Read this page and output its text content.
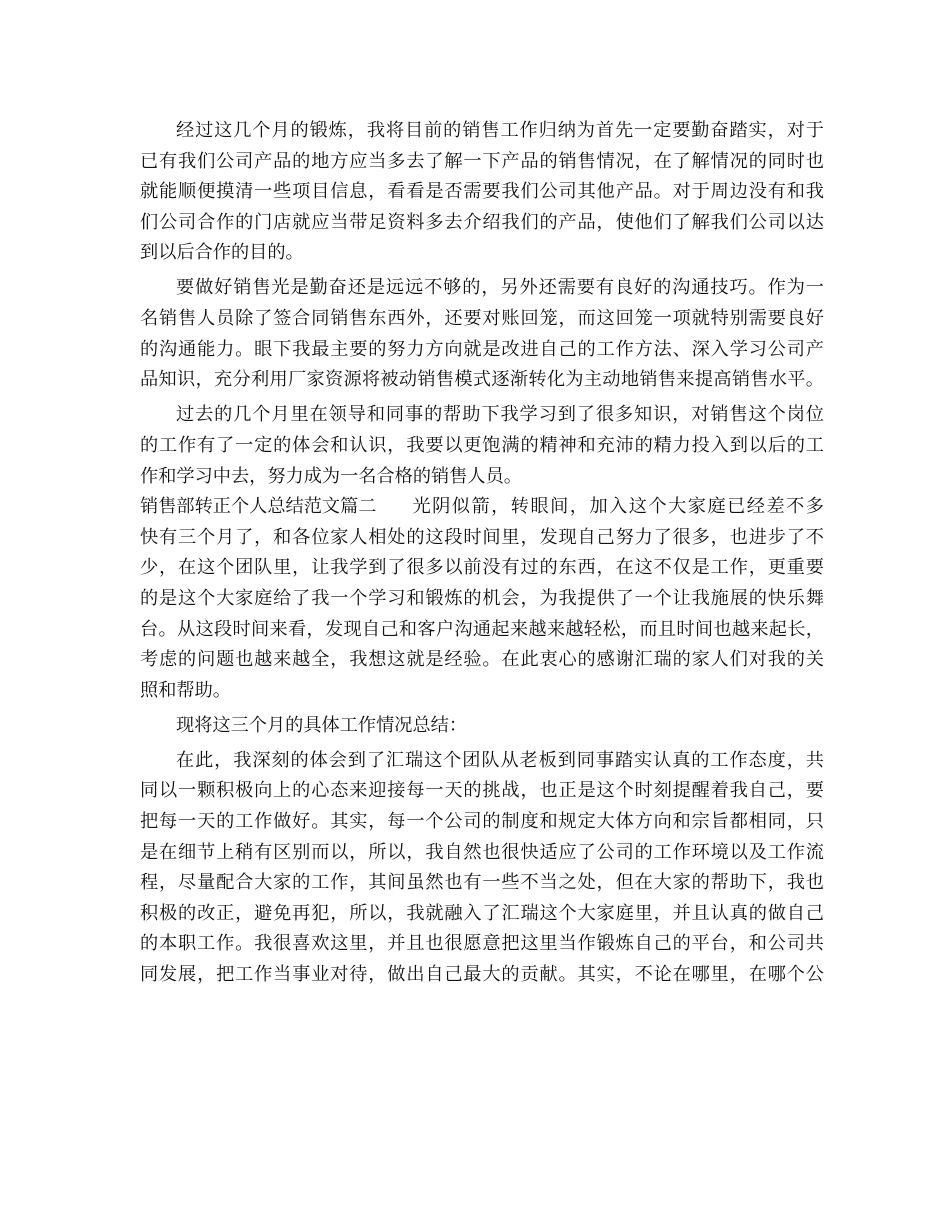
经过这几个月的锻炼，我将目前的销售工作归纳为首先一定要勤奋踏实，对于
已有我们公司产品的地方应当多去了解一下产品的销售情况，在了解情况的同时也
就能顺便摸清一些项目信息，看看是否需要我们公司其他产品。对于周边没有和我
们公司合作的门店就应当带足资料多去介绍我们的产品，使他们了解我们公司以达
到以后合作的目的。
要做好销售光是勤奋还是远远不够的，另外还需要有良好的沟通技巧。作为一
名销售人员除了签合同销售东西外，还要对账回笼，而这回笼一项就特别需要良好
的沟通能力。眼下我最主要的努力方向就是改进自己的工作方法、深入学习公司产
品知识，充分利用厂家资源将被动销售模式逐渐转化为主动地销售来提高销售水平。
过去的几个月里在领导和同事的帮助下我学习到了很多知识，对销售这个岗位
的工作有了一定的体会和认识，我要以更饱满的精神和充沛的精力投入到以后的工
作和学习中去，努力成为一名合格的销售人员。
销售部转正个人总结范文篇二	光阴似箭，转眼间，加入这个大家庭已经差不多
快有三个月了，和各位家人相处的这段时间里，发现自己努力了很多，也进步了不
少，在这个团队里，让我学到了很多以前没有过的东西，在这不仅是工作，更重要
的是这个大家庭给了我一个学习和锻炼的机会，为我提供了一个让我施展的快乐舞
台。从这段时间来看，发现自己和客户沟通起来越来越轻松，而且时间也越来起长，
考虑的问题也越来越全，我想这就是经验。在此衷心的感谢汇瑞的家人们对我的关
照和帮助。
现将这三个月的具体工作情况总结：
在此，我深刻的体会到了汇瑞这个团队从老板到同事踏实认真的工作态度，共
同以一颗积极向上的心态来迎接每一天的挑战，也正是这个时刻提醒着我自己，要
把每一天的工作做好。其实，每一个公司的制度和规定大体方向和宗旨都相同，只
是在细节上稍有区别而以，所以，我自然也很快适应了公司的工作环境以及工作流
程，尽量配合大家的工作，其间虽然也有一些不当之处，但在大家的帮助下，我也
积极的改正，避免再犯，所以，我就融入了汇瑞这个大家庭里，并且认真的做自己
的本职工作。我很喜欢这里，并且也很愿意把这里当作锻炼自己的平台，和公司共
同发展，把工作当事业对待，做出自己最大的贡献。其实，不论在哪里，在哪个公
